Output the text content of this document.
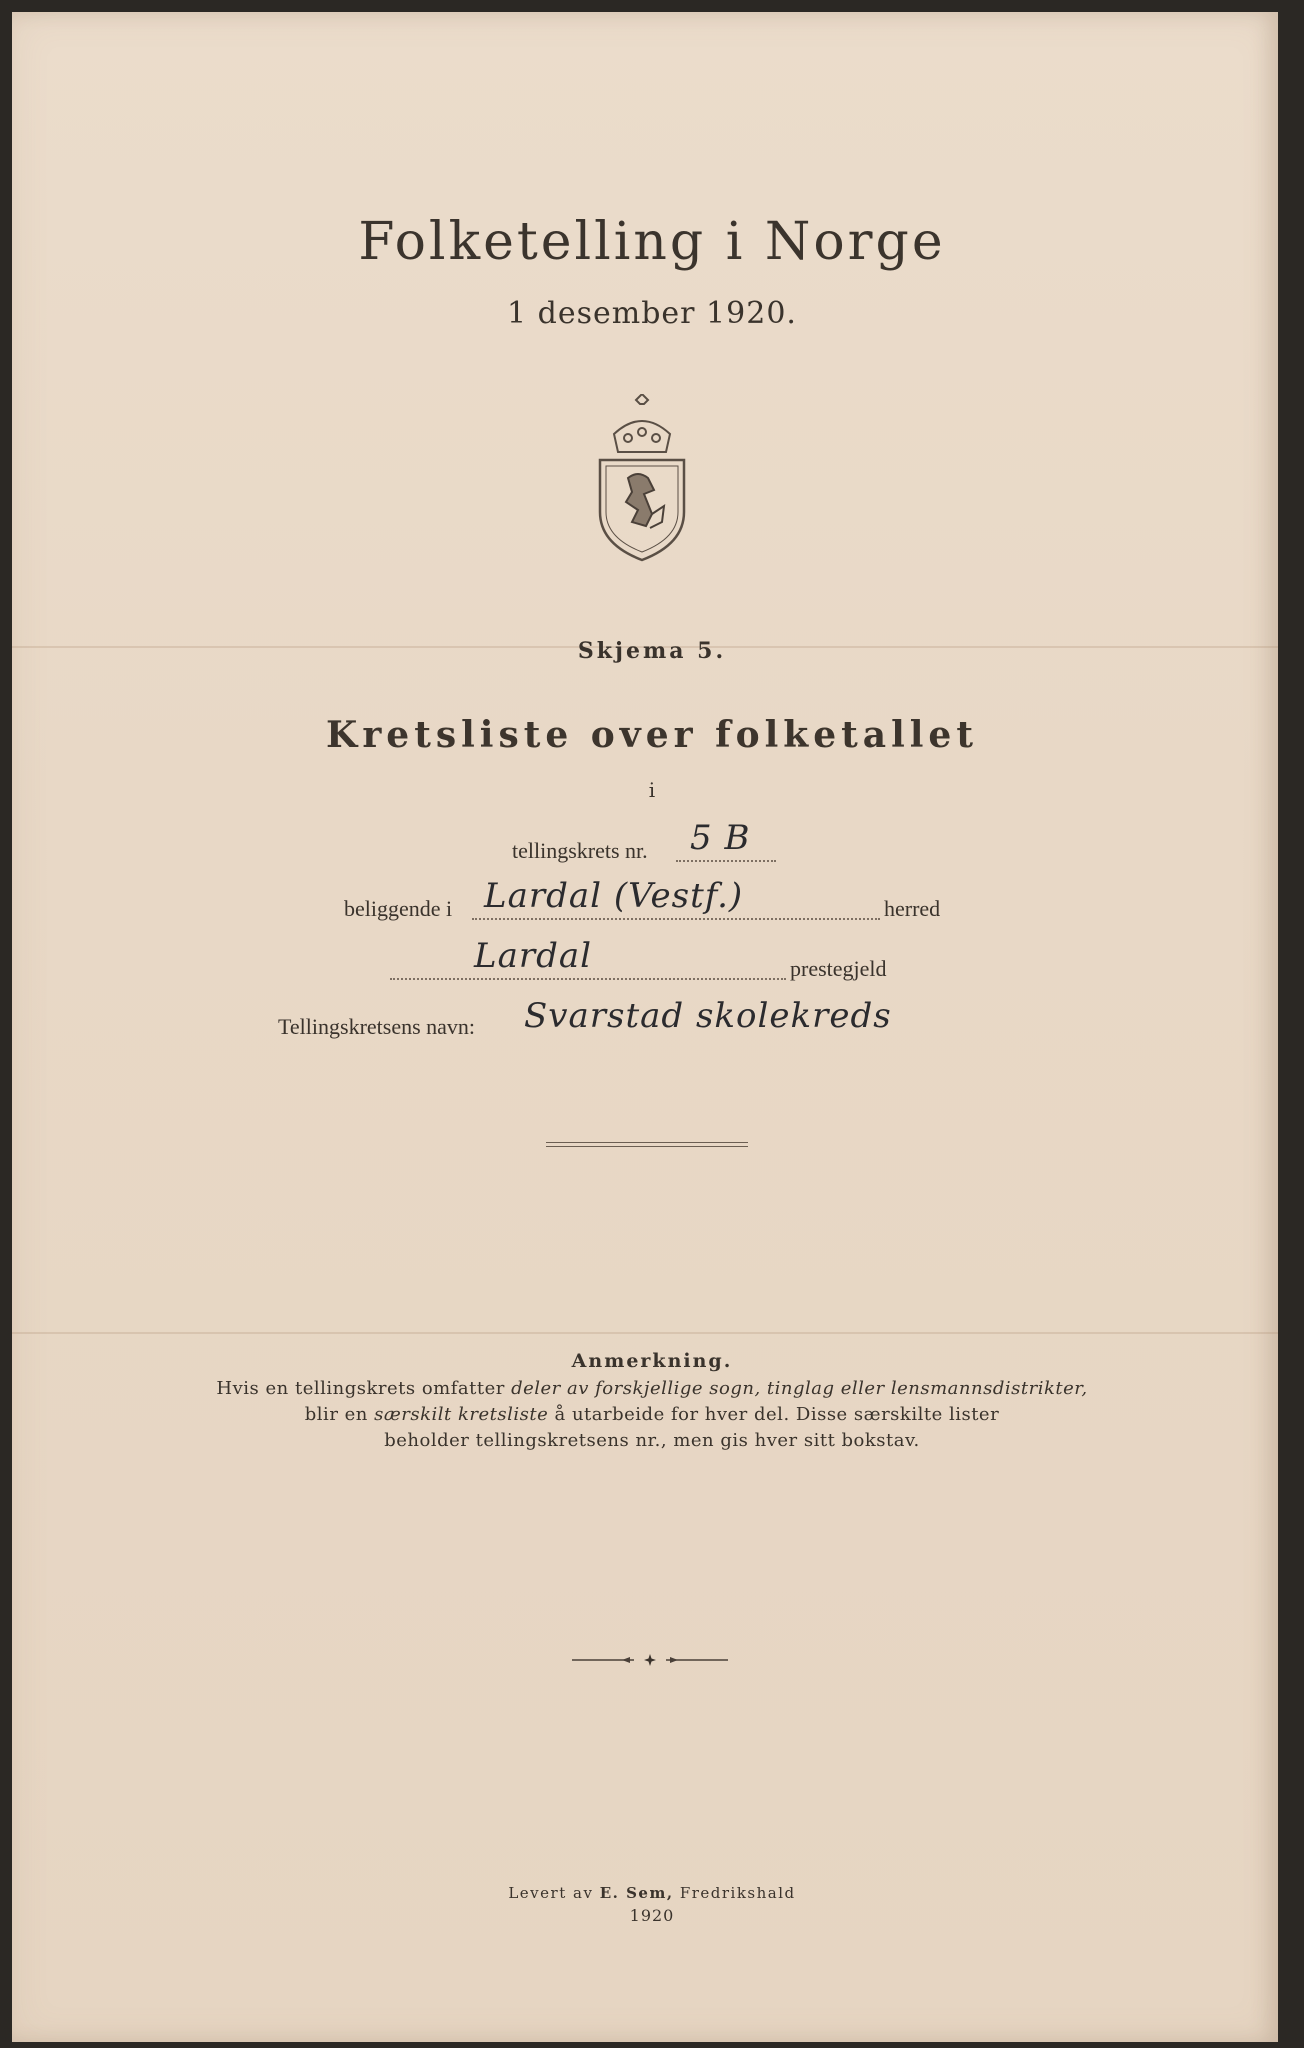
Folketelling i Norge
1 desember 1920.
Skjema 5.
Kretsliste over folketallet
i
tellingskrets nr. 5 B
beliggende i Lardal (Vestf.)	herred
Lardal	prestegjeld
Tellingskretsens navn: Svarstad skolekreds
Anmerkning.
Hvis en tellingskrets omfatter deler av forskjellige sogn, tinglag eller lensmannsdistrikter,
blir en særskilt kretsliste å utarbeide for hver del. Disse særskilte lister
beholder tellingskretsens nr., men gis hver sitt bokstav.
Levert av E. Sem, Fredrikshald
1920
